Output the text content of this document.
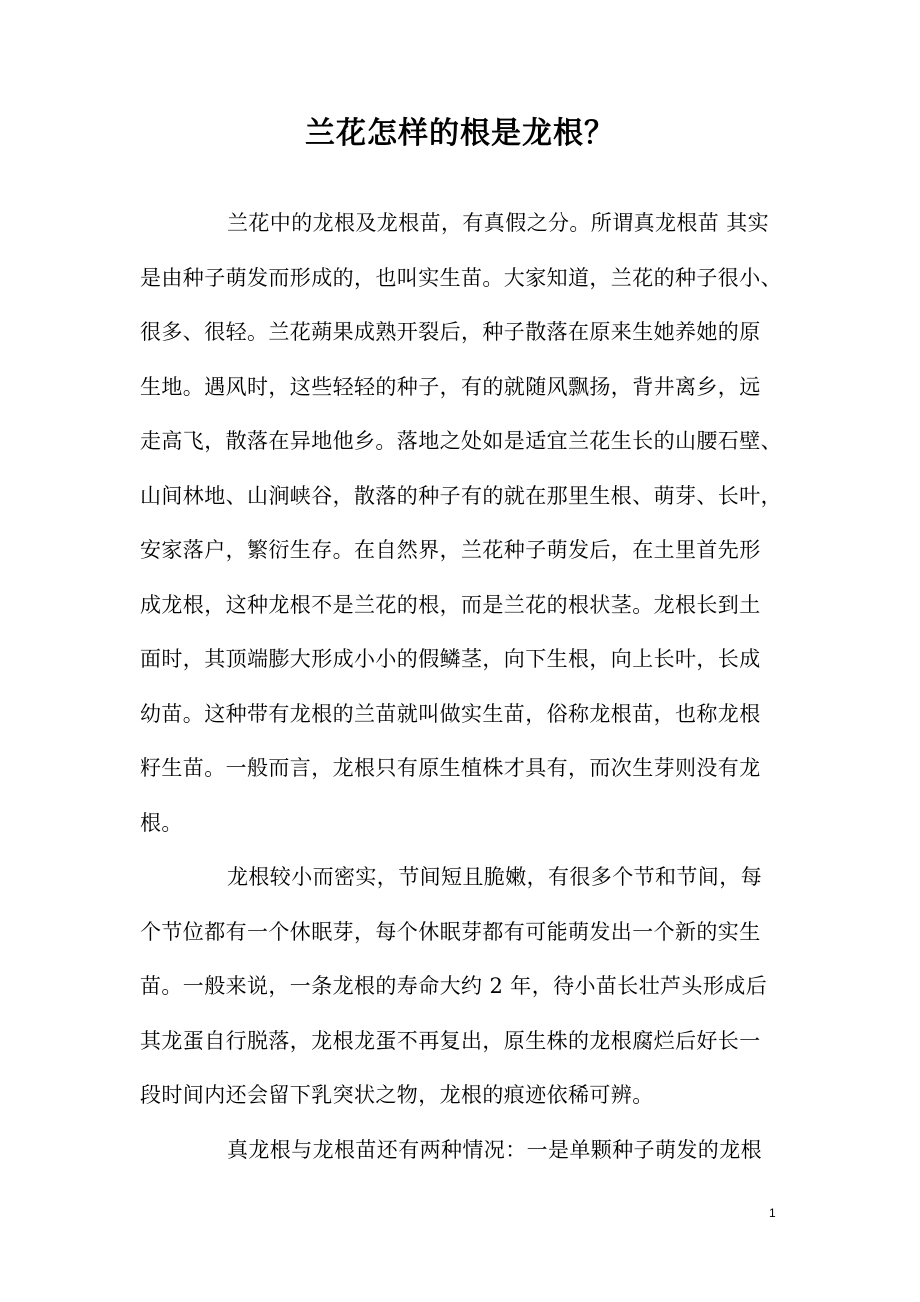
兰花怎样的根是龙根？

兰花中的龙根及龙根苗，有真假之分。所谓真龙根苗 其实
是由种子萌发而形成的，也叫实生苗。大家知道，兰花的种子很小、
很多、很轻。兰花蒴果成熟开裂后，种子散落在原来生她养她的原
生地。遇风时，这些轻轻的种子，有的就随风飘扬，背井离乡，远
走高飞，散落在异地他乡。落地之处如是适宜兰花生长的山腰石壁、
山间林地、山涧峡谷，散落的种子有的就在那里生根、萌芽、长叶，
安家落户，繁衍生存。在自然界，兰花种子萌发后，在土里首先形
成龙根，这种龙根不是兰花的根，而是兰花的根状茎。龙根长到土
面时，其顶端膨大形成小小的假鳞茎，向下生根，向上长叶，长成
幼苗。这种带有龙根的兰苗就叫做实生苗，俗称龙根苗，也称龙根
籽生苗。一般而言，龙根只有原生植株才具有，而次生芽则没有龙
根。

龙根较小而密实，节间短且脆嫩，有很多个节和节间，每
个节位都有一个休眠芽，每个休眠芽都有可能萌发出一个新的实生
苗。一般来说，一条龙根的寿命大约 2 年，待小苗长壮芦头形成后
其龙蛋自行脱落，龙根龙蛋不再复出，原生株的龙根腐烂后好长一
段时间内还会留下乳突状之物，龙根的痕迹依稀可辨。

真龙根与龙根苗还有两种情况：一是单颗种子萌发的龙根

1
